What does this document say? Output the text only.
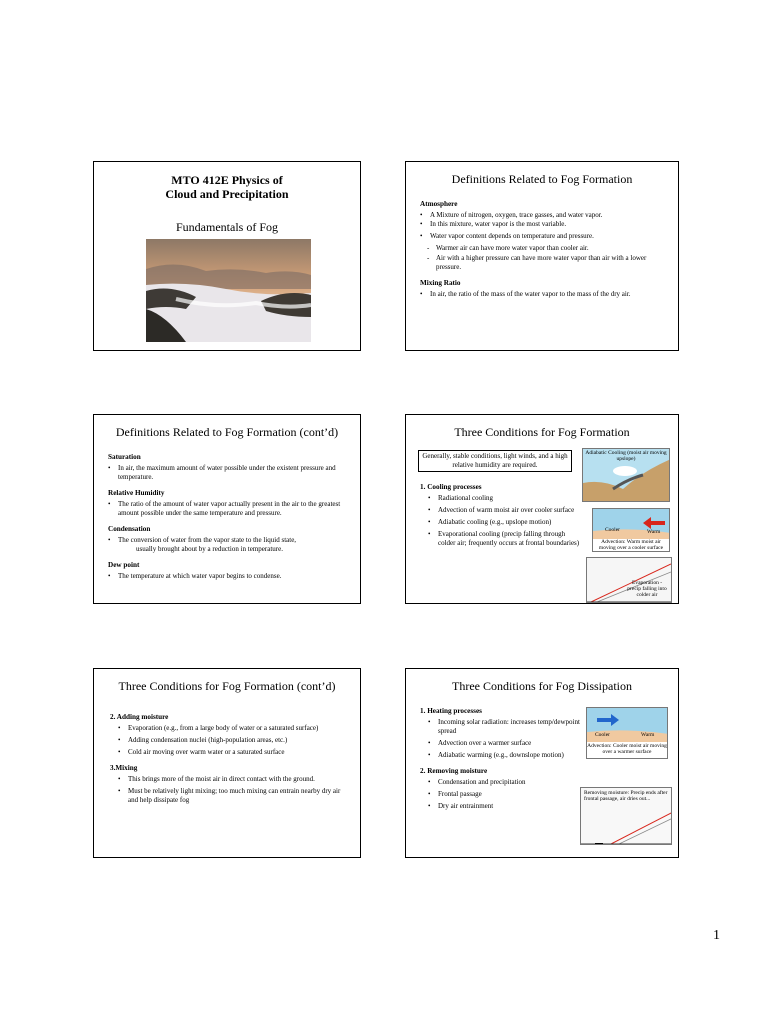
MTO 412E Physics of
Cloud and Precipitation
Fundamentals of Fog
Definitions Related to Fog Formation
Atmosphere
• A Mixture of nitrogen, oxygen, trace gasses, and water vapor.
• In this mixture, water vapor is the most variable.
• Water vapor content depends on temperature and pressure.
- Warmer air can have more water vapor than cooler air.
- Air with a higher pressure can have more water vapor than air with a lower pressure.
Mixing Ratio
• In air, the ratio of the mass of the water vapor to the mass of the dry air.
Definitions Related to Fog Formation (cont’d)
Saturation
• In air, the maximum amount of water possible under the existent pressure and temperature.
Relative Humidity
• The ratio of the amount of water vapor actually present in the air to the greatest amount possible under the same temperature and pressure.
Condensation
• The conversion of water from the vapor state to the liquid state,
usually brought about by a reduction in temperature.
Dew point
• The temperature at which water vapor begins to condense.
Three Conditions for Fog Formation
Generally, stable conditions, light winds, and a high relative humidity are required.
1. Cooling processes
• Radiational cooling
• Advection of warm moist air over cooler surface
• Adiabatic cooling (e.g., upslope motion)
• Evaporational cooling (precip falling through colder air; frequently occurs at frontal boundaries)
Adiabatic Cooling (moist air moving upslope)
Cooler	Warm
Advection: Warm moist air moving over a cooler surface
Evaporation - precip falling into colder air
Three Conditions for Fog Formation (cont’d)
2. Adding moisture
• Evaporation (e.g., from a large body of water or a saturated surface)
• Adding condensation nuclei (high-population areas, etc.)
• Cold air moving over warm water or a saturated surface
3.Mixing
• This brings more of the moist air in direct contact with the ground.
• Must be relatively light mixing; too much mixing can entrain nearby dry air and help dissipate fog
Three Conditions for Fog Dissipation
1. Heating processes
• Incoming solar radiation: increases temp/dewpoint spread
• Advection over a warmer surface
• Adiabatic warming (e.g., downslope motion)
2. Removing moisture
• Condensation and precipitation
• Frontal passage
• Dry air entrainment
Cooler	Warm
Advection: Cooler moist air moving over a warmer surface
Removing moisture: Precip ends after frontal passage, air dries out...
1
